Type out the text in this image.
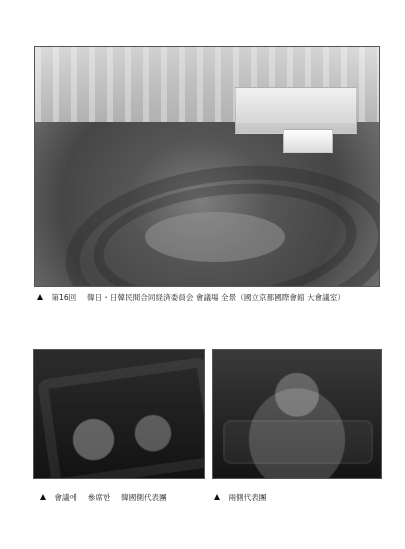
第16回 韓日・日韓民間合同経済委員会 會議場 全景（國立京都國際會館 大會議室）
會議에 參席한 韓國側代表團	兩側代表團
